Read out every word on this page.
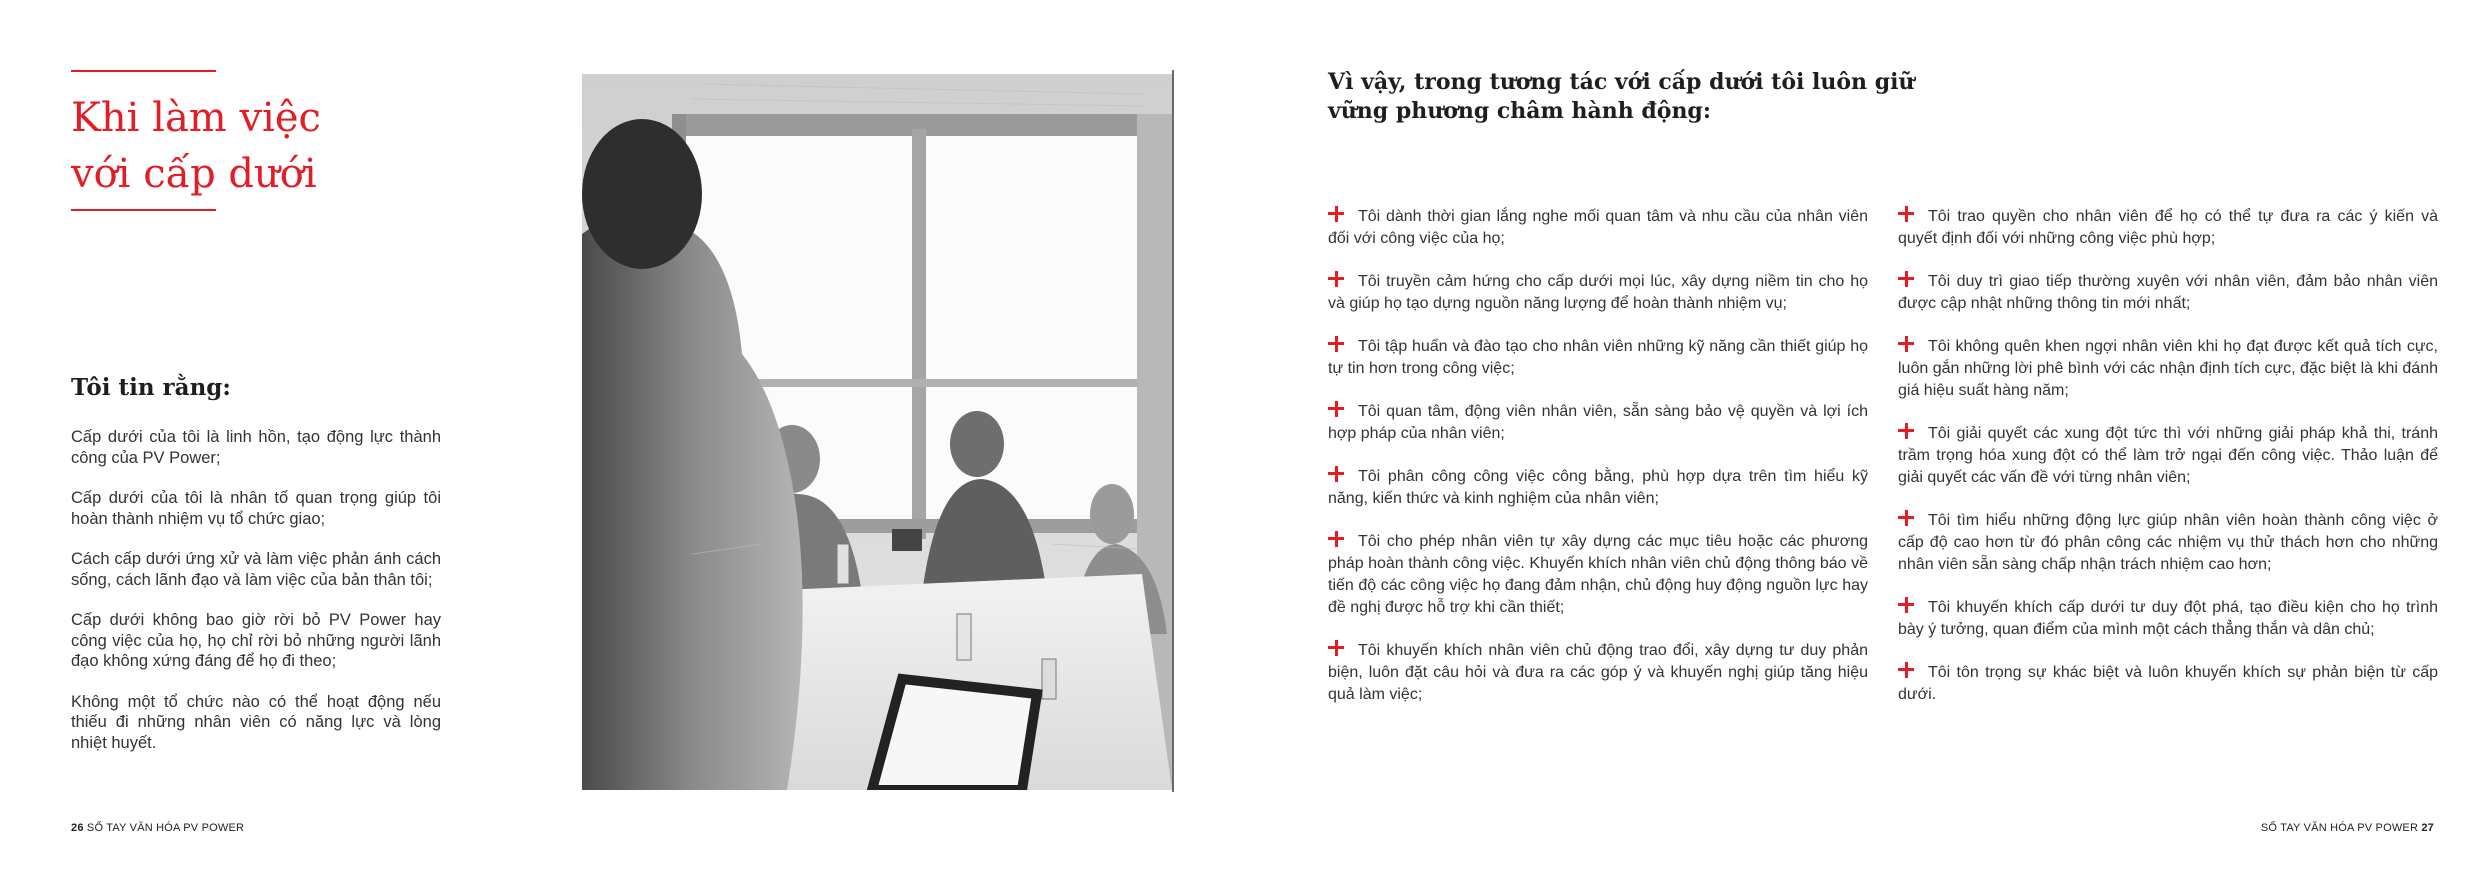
Khi làm việc
với cấp dưới
Tôi tin rằng:

Cấp dưới của tôi là linh hồn, tạo động lực thành công của PV Power;

Cấp dưới của tôi là nhân tố quan trọng giúp tôi hoàn thành nhiệm vụ tổ chức giao;

Cách cấp dưới ứng xử và làm việc phản ánh cách sống, cách lãnh đạo và làm việc của bản thân tôi;

Cấp dưới không bao giờ rời bỏ PV Power hay công việc của họ, họ chỉ rời bỏ những người lãnh đạo không xứng đáng để họ đi theo;

Không một tổ chức nào có thể hoạt động nếu thiếu đi những nhân viên có năng lực và lòng nhiệt huyết.

Vì vậy, trong tương tác với cấp dưới tôi luôn giữ vững phương châm hành động:

Tôi dành thời gian lắng nghe mối quan tâm và nhu cầu của nhân viên đối với công việc của họ;

Tôi truyền cảm hứng cho cấp dưới mọi lúc, xây dựng niềm tin cho họ và giúp họ tạo dựng nguồn năng lượng để hoàn thành nhiệm vụ;

Tôi tập huấn và đào tạo cho nhân viên những kỹ năng cần thiết giúp họ tự tin hơn trong công việc;

Tôi quan tâm, động viên nhân viên, sẵn sàng bảo vệ quyền và lợi ích hợp pháp của nhân viên;

Tôi phân công công việc công bằng, phù hợp dựa trên tìm hiểu kỹ năng, kiến thức và kinh nghiệm của nhân viên;

Tôi cho phép nhân viên tự xây dựng các mục tiêu hoặc các phương pháp hoàn thành công việc. Khuyến khích nhân viên chủ động thông báo về tiến độ các công việc họ đang đảm nhận, chủ động huy động nguồn lực hay đề nghị được hỗ trợ khi cần thiết;

Tôi khuyến khích nhân viên chủ động trao đổi, xây dựng tư duy phản biện, luôn đặt câu hỏi và đưa ra các góp ý và khuyến nghị giúp tăng hiệu quả làm việc;

Tôi trao quyền cho nhân viên để họ có thể tự đưa ra các ý kiến và quyết định đối với những công việc phù hợp;

Tôi duy trì giao tiếp thường xuyên với nhân viên, đảm bảo nhân viên được cập nhật những thông tin mới nhất;

Tôi không quên khen ngợi nhân viên khi họ đạt được kết quả tích cực, luôn gắn những lời phê bình với các nhận định tích cực, đặc biệt là khi đánh giá hiệu suất hàng năm;

Tôi giải quyết các xung đột tức thì với những giải pháp khả thi, tránh trầm trọng hóa xung đột có thể làm trở ngại đến công việc. Thảo luận để giải quyết các vấn đề với từng nhân viên;

Tôi tìm hiểu những động lực giúp nhân viên hoàn thành công việc ở cấp độ cao hơn từ đó phân công các nhiệm vụ thử thách hơn cho những nhân viên sẵn sàng chấp nhận trách nhiệm cao hơn;

Tôi khuyến khích cấp dưới tư duy đột phá, tạo điều kiện cho họ trình bày ý tưởng, quan điểm của mình một cách thẳng thắn và dân chủ;

Tôi tôn trọng sự khác biệt và luôn khuyến khích sự phản biện từ cấp dưới.

26 SỔ TAY VĂN HÓA PV POWER	SỔ TAY VĂN HÓA PV POWER 27
